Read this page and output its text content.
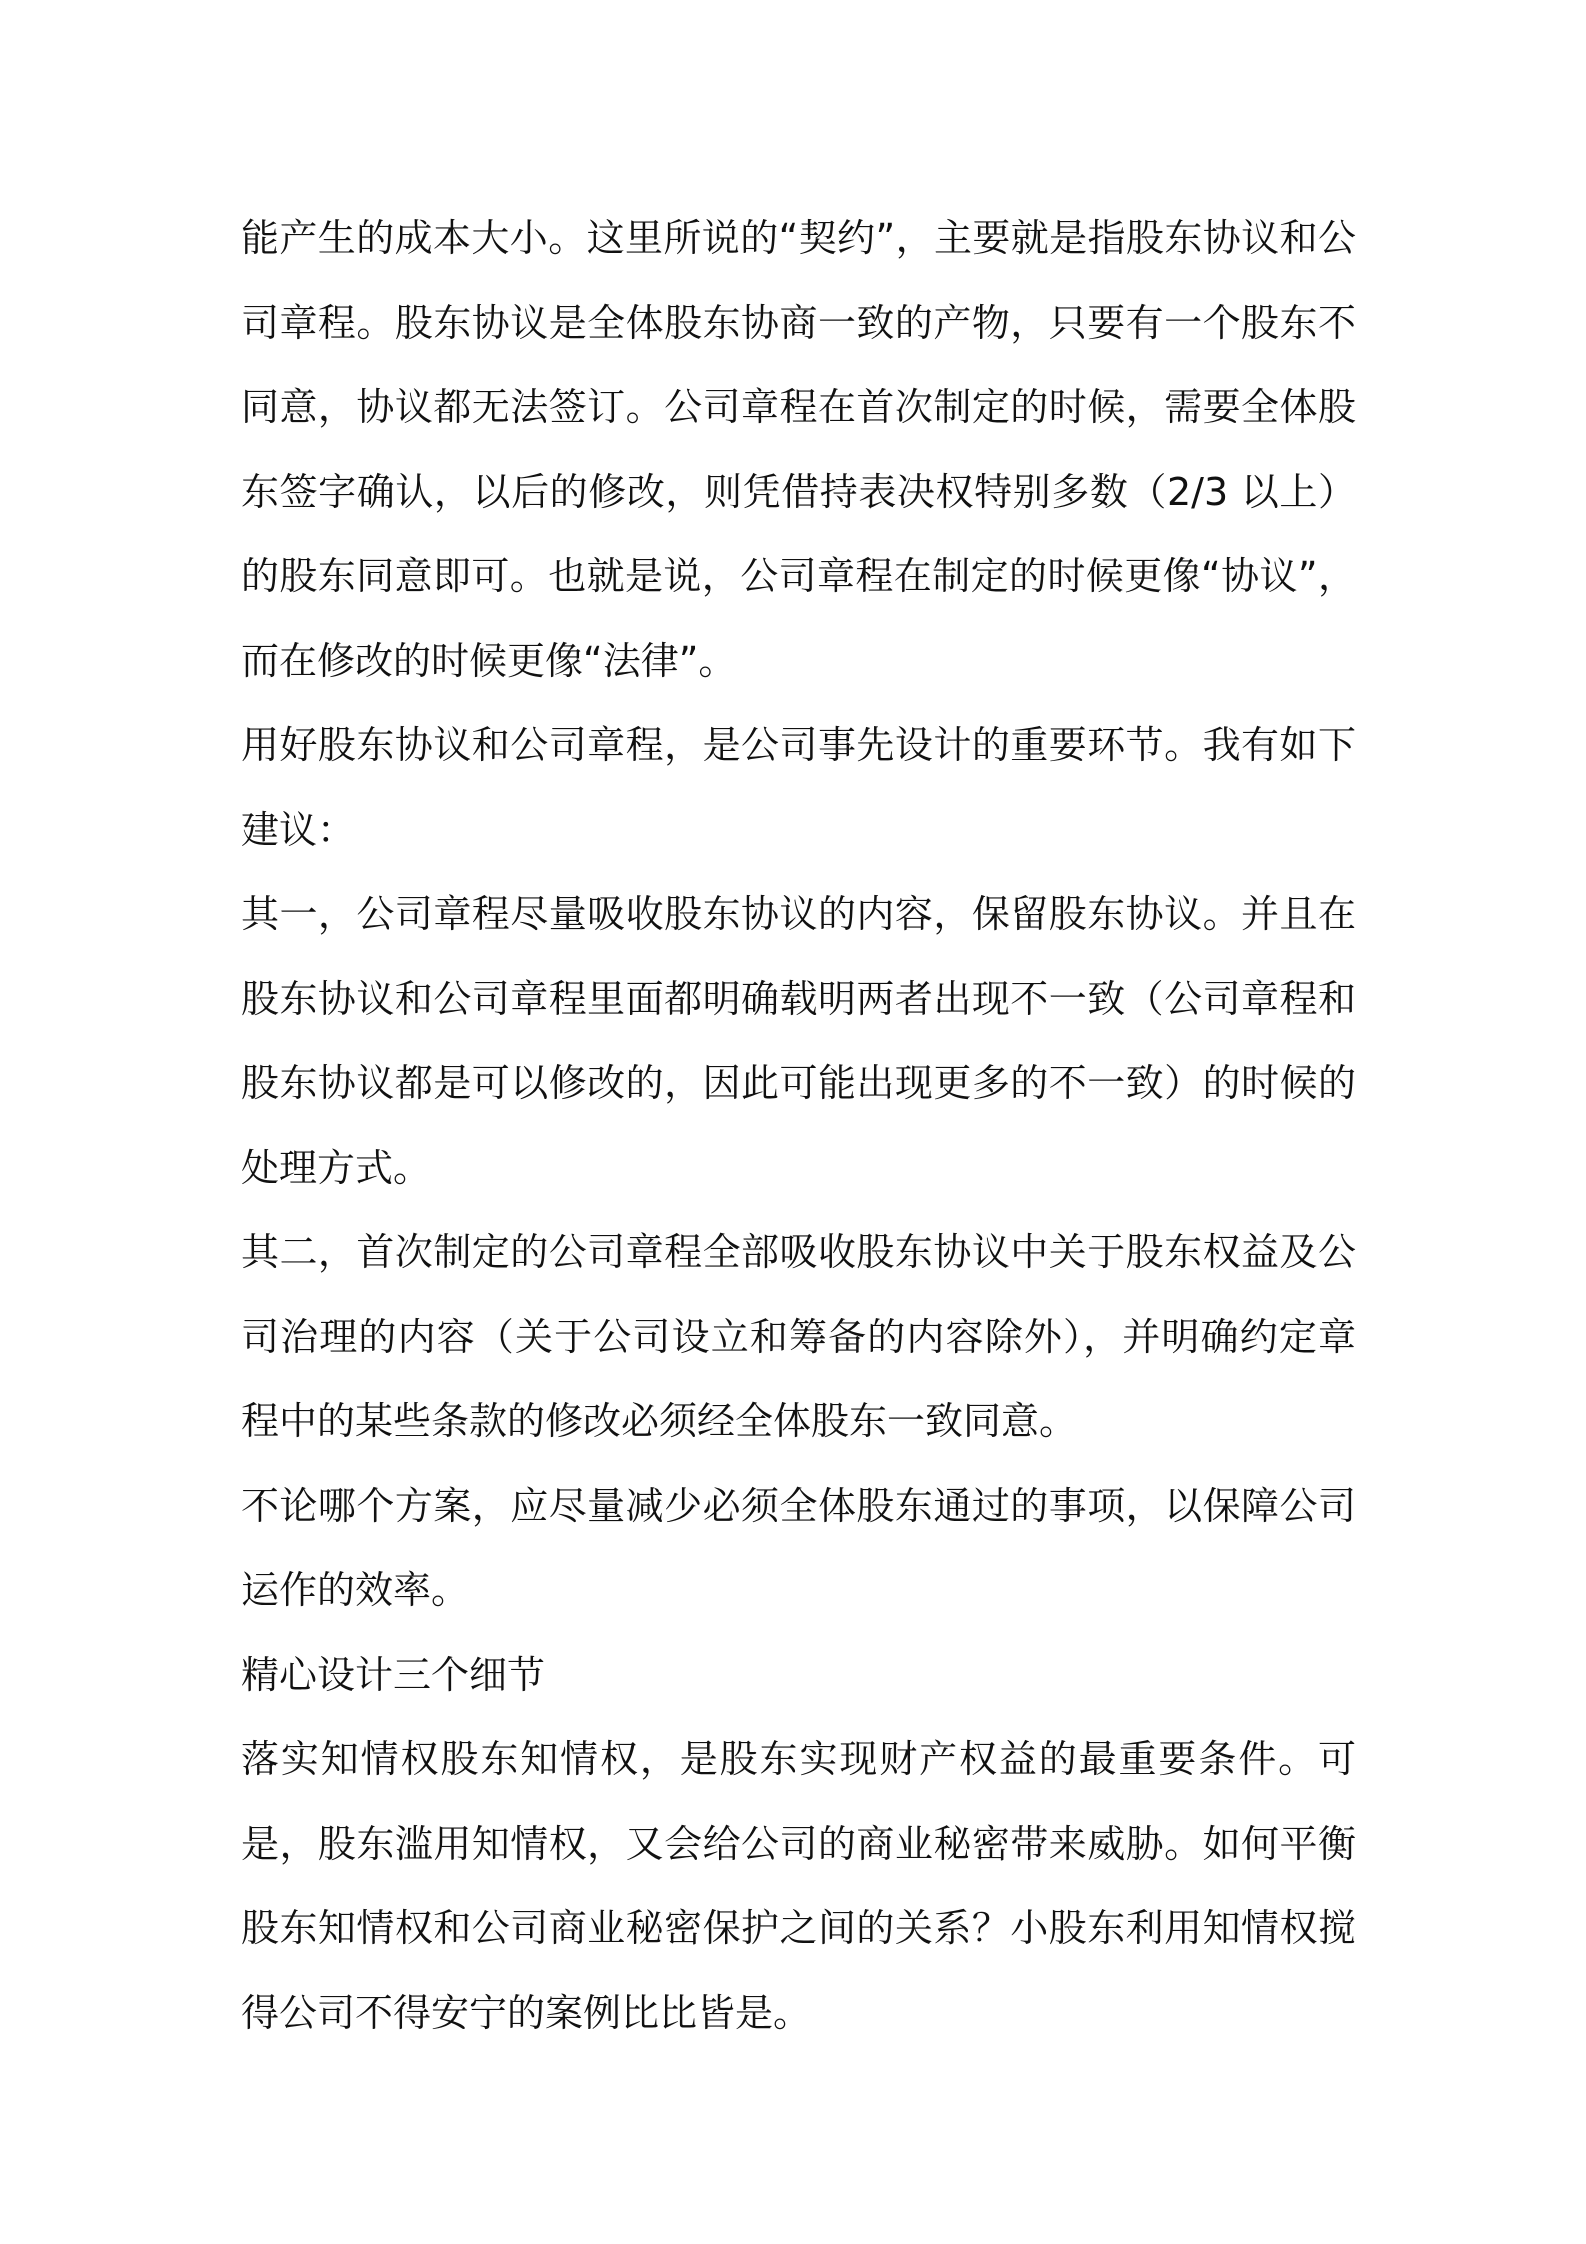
能产生的成本大小。这里所说的“契约”，主要就是指股东协议和公司章程。股东协议是全体股东协商一致的产物，只要有一个股东不同意，协议都无法签订。公司章程在首次制定的时候，需要全体股东签字确认，以后的修改，则凭借持表决权特别多数（2/3 以上）的股东同意即可。也就是说，公司章程在制定的时候更像“协议”，而在修改的时候更像“法律”。

用好股东协议和公司章程，是公司事先设计的重要环节。我有如下建议：

其一，公司章程尽量吸收股东协议的内容，保留股东协议。并且在股东协议和公司章程里面都明确载明两者出现不一致（公司章程和股东协议都是可以修改的，因此可能出现更多的不一致）的时候的处理方式。

其二，首次制定的公司章程全部吸收股东协议中关于股东权益及公司治理的内容（关于公司设立和筹备的内容除外），并明确约定章程中的某些条款的修改必须经全体股东一致同意。

不论哪个方案，应尽量减少必须全体股东通过的事项，以保障公司运作的效率。

精心设计三个细节

落实知情权股东知情权，是股东实现财产权益的最重要条件。可是，股东滥用知情权，又会给公司的商业秘密带来威胁。如何平衡股东知情权和公司商业秘密保护之间的关系？小股东利用知情权搅得公司不得安宁的案例比比皆是。
